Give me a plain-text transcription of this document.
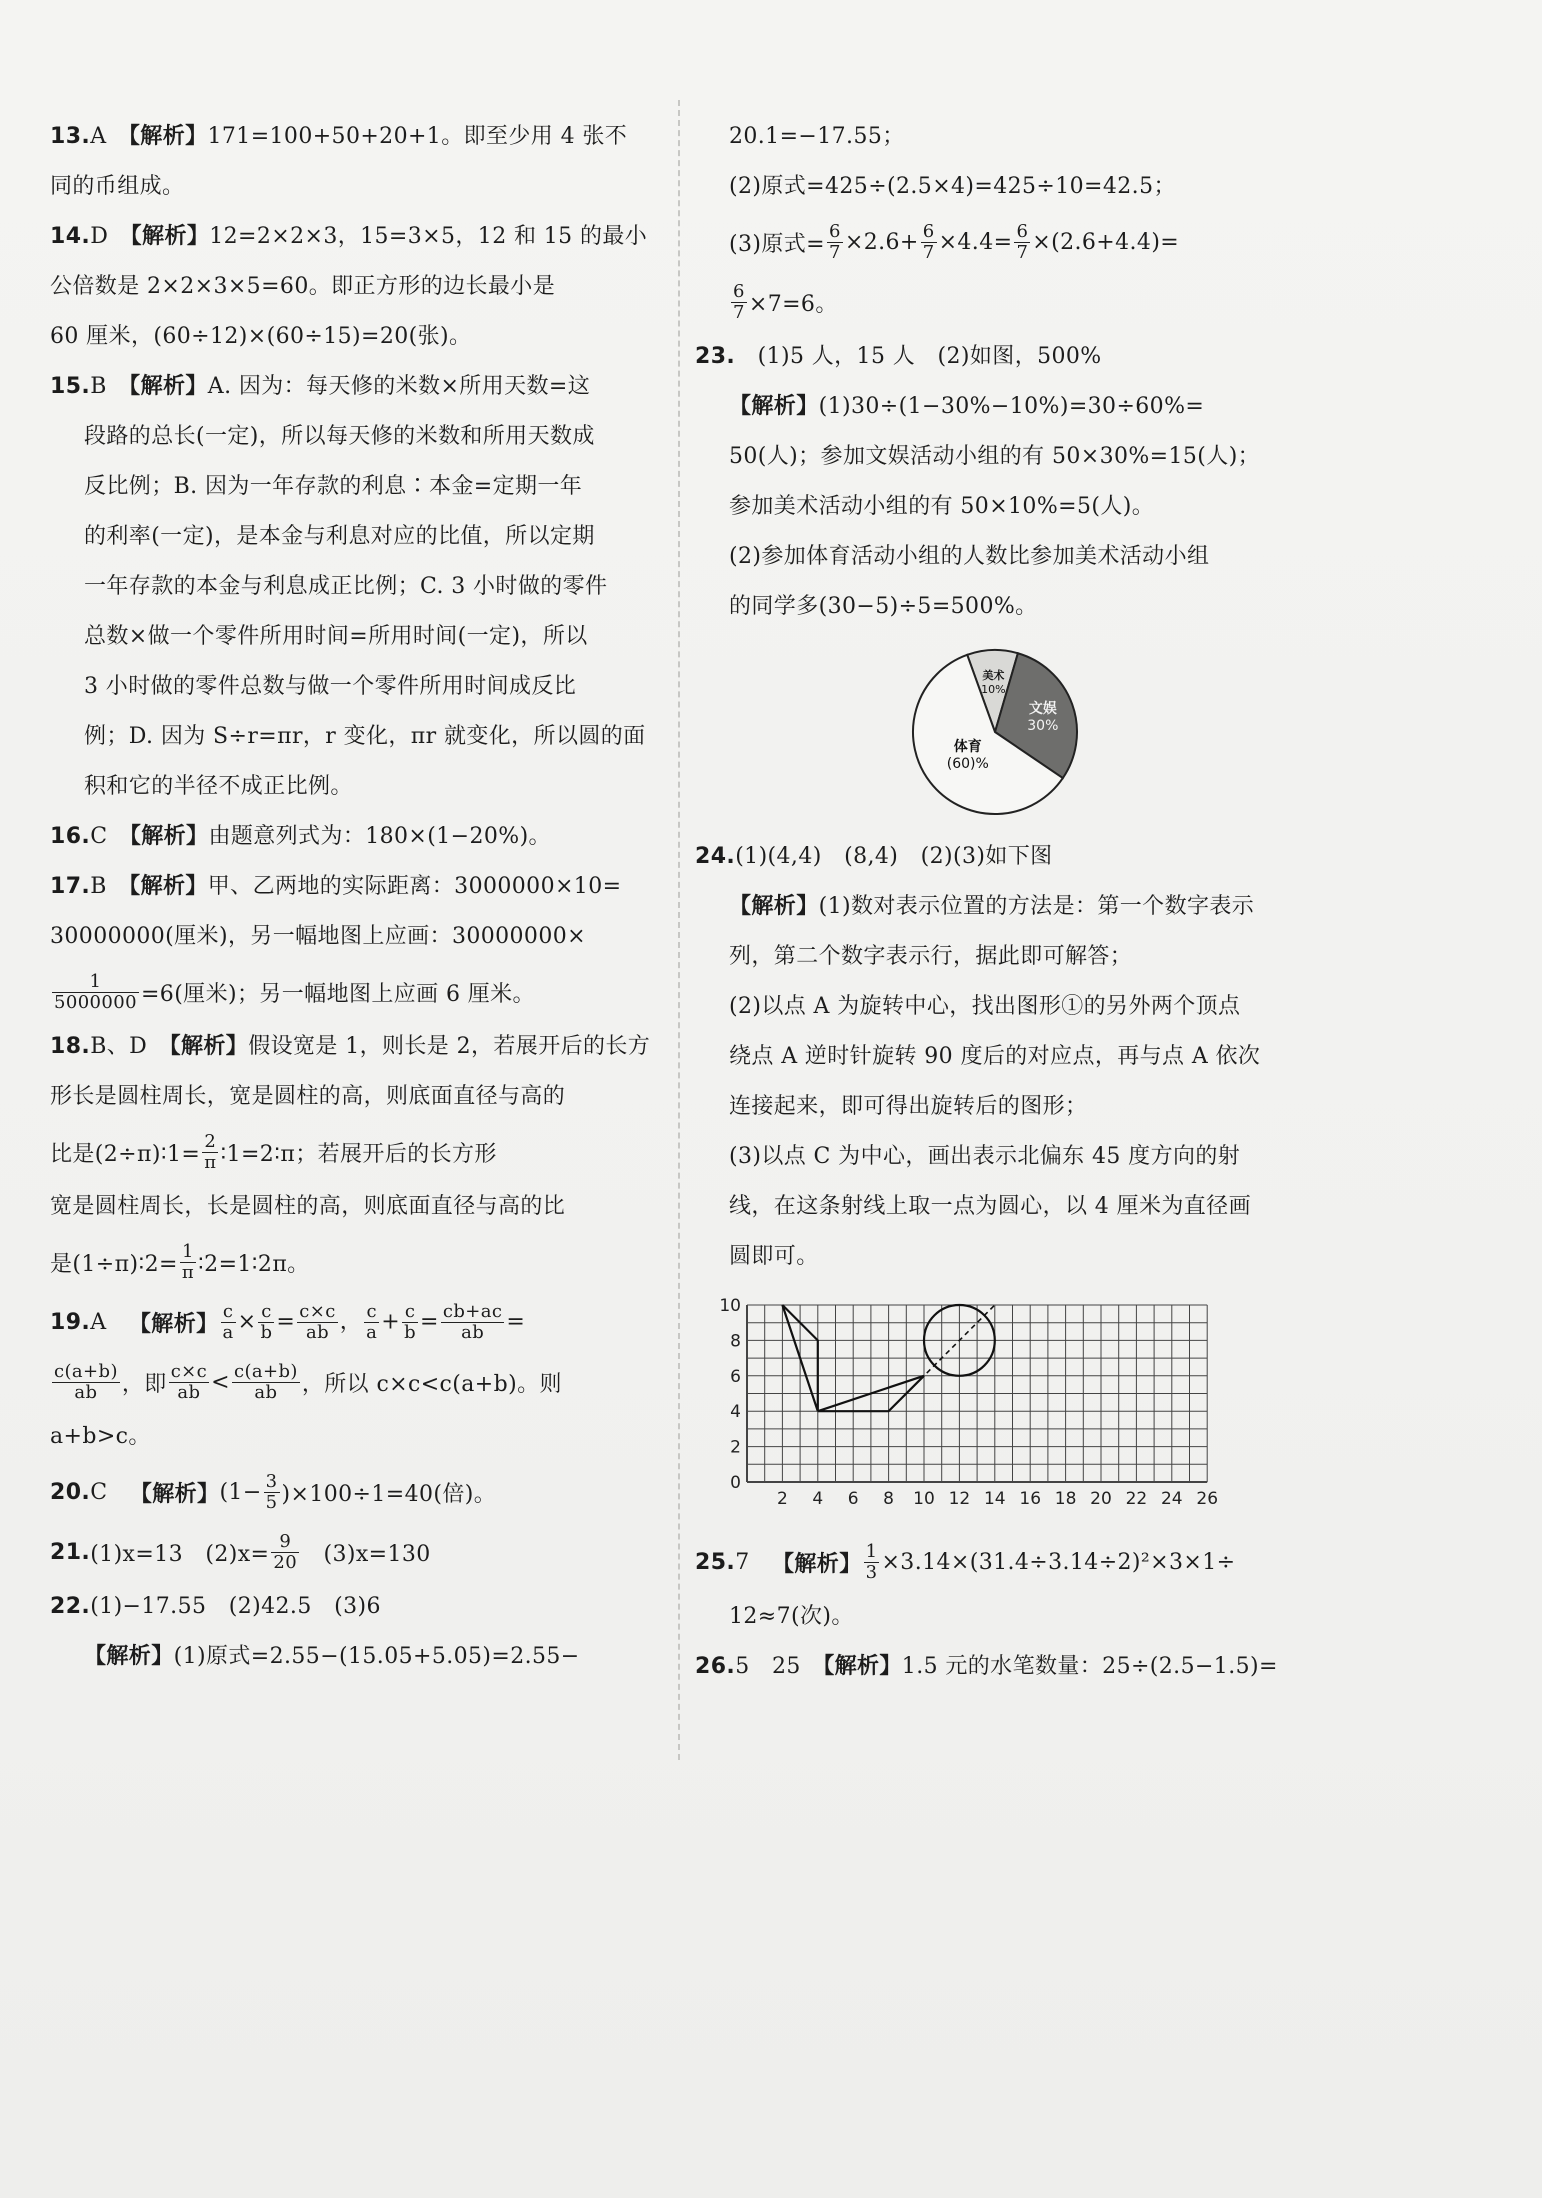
13.A　 【解析】171=100+50+20+1。即至少用 4 张不
同的币组成。
14.D　 【解析】12=2×2×3，15=3×5，12 和 15 的最小
公倍数是 2×2×3×5=60。即正方形的边长最小是
60 厘米，(60÷12)×(60÷15)=20(张)。
15.B　 【解析】A. 因为：每天修的米数×所用天数=这
段路的总长(一定)，所以每天修的米数和所用天数成
反比例；B. 因为一年存款的利息∶本金=定期一年
的利率(一定)，是本金与利息对应的比值，所以定期
一年存款的本金与利息成正比例；C. 3 小时做的零件
总数×做一个零件所用时间=所用时间(一定)，所以
3 小时做的零件总数与做一个零件所用时间成反比
例；D. 因为 S÷r=πr，r 变化，πr 就变化，所以圆的面
积和它的半径不成正比例。
16.C　 【解析】由题意列式为：180×(1−20%)。
17.B　 【解析】甲、乙两地的实际距离：3000000×10=
30000000(厘米)，另一幅地图上应画：30000000×
$\frac{1}{5000000} =6$(厘米)；另一幅地图上应画 6 厘米。
18.B、D　 【解析】假设宽是 1，则长是 2，若展开后的长方
形长是圆柱周长，宽是圆柱的高，则底面直径与高的
比是(2÷π)∶1= $\frac{2}{\pi}$ ∶1=2∶π；若展开后的长方形
宽是圆柱周长，长是圆柱的高，则底面直径与高的比
是(1÷π)∶2= $\frac{1}{\pi}$ ∶2=1∶2π。
19. A
　 【解析】 $\frac{c}{a} \times \frac{c}{b} = \frac{c\times c}{ab}$ ， $\frac{c}{a} + \frac{c}{b} = \frac{cb+ac}{ab}$ =
$\frac{c(a+b)}{ab}$ ，即 $\frac{c\times c}{ab} < \frac{c(a+b)}{ab}$ ，所以 c×c<c(a+b)。则
a+b>c。
20. C
　 【解析】 $(1- \frac{3}{5} )\times 100\div 1=40$(倍)。
21. (1)x=13　$(2)x= \frac{9}{20}$ 　(3)x=130
22.(1)−17.55　(2)42.5　(3)6
【解析】(1)原式=2.55−(15.05+5.05)=2.55−
20.1=−17.55；
(2)原式=425÷(2.5×4)=425÷10=42.5；
(3)原式= $\frac{6}{7} \times 2.6+ \frac{6}{7} \times 4.4= \frac{6}{7} \times(2.6+4.4)=$
$\frac{6}{7} \times 7=6$。
23.　 (1)5 人，15 人　(2)如图，500%
【解析】(1)30÷(1−30%−10%)=30÷60%=
50(人)；参加文娱活动小组的有 50×30%=15(人)；
参加美术活动小组的有 50×10%=5(人)。
(2)参加体育活动小组的人数比参加美术活动小组
的同学多(30−5)÷5=500%。
美术
10%
文娱
30%
体育
(60)%
24.(1)(4,4)　(8,4)　(2)(3)如下图
【解析】(1)数对表示位置的方法是：第一个数字表示
列，第二个数字表示行，据此即可解答；
(2)以点 A 为旋转中心，找出图形①的另外两个顶点
绕点 A 逆时针旋转 90 度后的对应点，再与点 A 依次
连接起来，即可得出旋转后的图形；
(3)以点 C 为中心，画出表示北偏东 45 度方向的射
线，在这条射线上取一点为圆心，以 4 厘米为直径画
圆即可。
2 4 6 8 10 12 14 16 18 20 22 24 26
0
2
4
6
8
10
25. 7
　 【解析】 $\frac{1}{3} \times 3.14\times(31.4\div 3.14\div 2)^2\times 3\times 1\div$
12≈7(次)。
26.5　25　 【解析】1.5 元的水笔数量：25÷(2.5−1.5)=
